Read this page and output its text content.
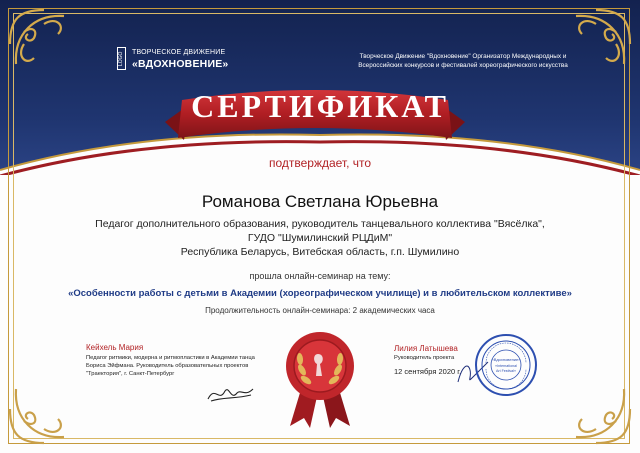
LOGO ТВОРЧЕСКОЕ ДВИЖЕНИЕ
«ВДОХНОВЕНИЕ»
Творческое Движение "Вдохновение" Организатор Международных и
Всероссийских конкурсов и фестивалей хореографического искусства
СЕРТИФИКАТ
подтверждает, что
Романова Светлана Юрьевна
Педагог дополнительного образования, руководитель танцевального коллектива "Вясёлка",
ГУДО "Шумилинский РЦДиМ"
Республика Беларусь, Витебская область, г.п. Шумилино
прошла онлайн-семинар на тему:
«Особенности работы с детьми в Академии (хореографическом училище) и в любительском коллективе»
Продолжительность онлайн-семинара: 2 академических часа
Кейхель Мария
Педагог ритмики, модерна и ритмопластики в Академии танца
Бориса Эйфмана. Руководитель образовательных проектов
"Траектория", г. Санкт-Петербург
Лилия Латышева
Руководитель проекта
12 сентября 2020 г.
«Вдохновение»
«International
Art Festival»
